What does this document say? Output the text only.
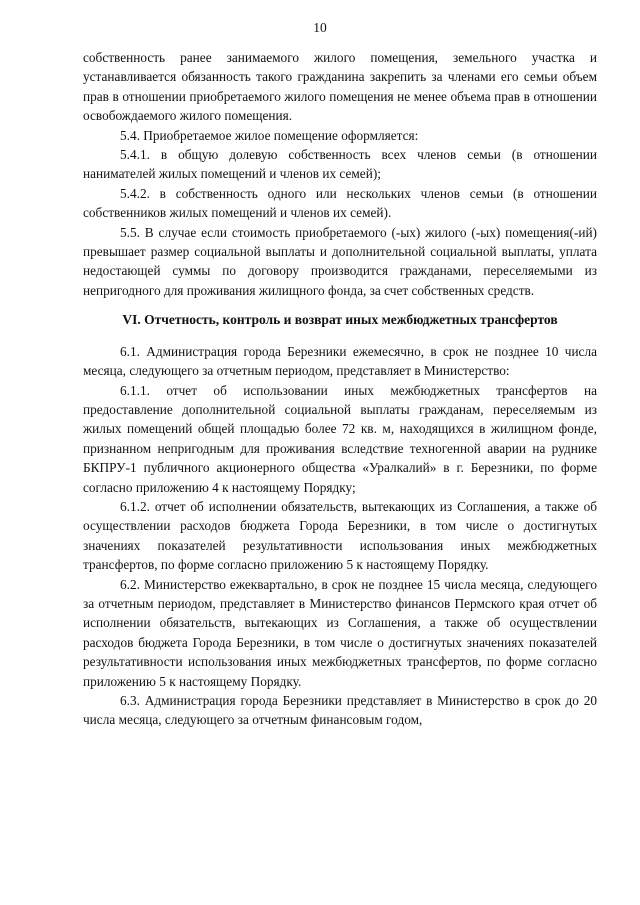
10

собственность ранее занимаемого жилого помещения, земельного участка и устанавливается обязанность такого гражданина закрепить за членами его семьи объем прав в отношении приобретаемого жилого помещения не менее объема прав в отношении освобождаемого жилого помещения.

5.4. Приобретаемое жилое помещение оформляется:

5.4.1. в общую долевую собственность всех членов семьи (в отношении нанимателей жилых помещений и членов их семей);

5.4.2. в собственность одного или нескольких членов семьи (в отношении собственников жилых помещений и членов их семей).

5.5. В случае если стоимость приобретаемого (-ых) жилого (-ых) помещения(-ий) превышает размер социальной выплаты и дополнительной социальной выплаты, уплата недостающей суммы по договору производится гражданами, переселяемыми из непригодного для проживания жилищного фонда, за счет собственных средств.

VI. Отчетность, контроль и возврат иных межбюджетных трансфертов

6.1. Администрация города Березники ежемесячно, в срок не позднее 10 числа месяца, следующего за отчетным периодом, представляет в Министерство:

6.1.1. отчет об использовании иных межбюджетных трансфертов на предоставление дополнительной социальной выплаты гражданам, переселяемым из жилых помещений общей площадью более 72 кв. м, находящихся в жилищном фонде, признанном непригодным для проживания вследствие техногенной аварии на руднике БКПРУ-1 публичного акционерного общества «Уралкалий» в г. Березники, по форме согласно приложению 4 к настоящему Порядку;

6.1.2. отчет об исполнении обязательств, вытекающих из Соглашения, а также об осуществлении расходов бюджета Города Березники, в том числе о достигнутых значениях показателей результативности использования иных межбюджетных трансфертов, по форме согласно приложению 5 к настоящему Порядку.

6.2. Министерство ежеквартально, в срок не позднее 15 числа месяца, следующего за отчетным периодом, представляет в Министерство финансов Пермского края отчет об исполнении обязательств, вытекающих из Соглашения, а также об осуществлении расходов бюджета Города Березники, в том числе о достигнутых значениях показателей результативности использования иных межбюджетных трансфертов, по форме согласно приложению 5 к настоящему Порядку.

6.3. Администрация города Березники представляет в Министерство в срок до 20 числа месяца, следующего за отчетным финансовым годом,
